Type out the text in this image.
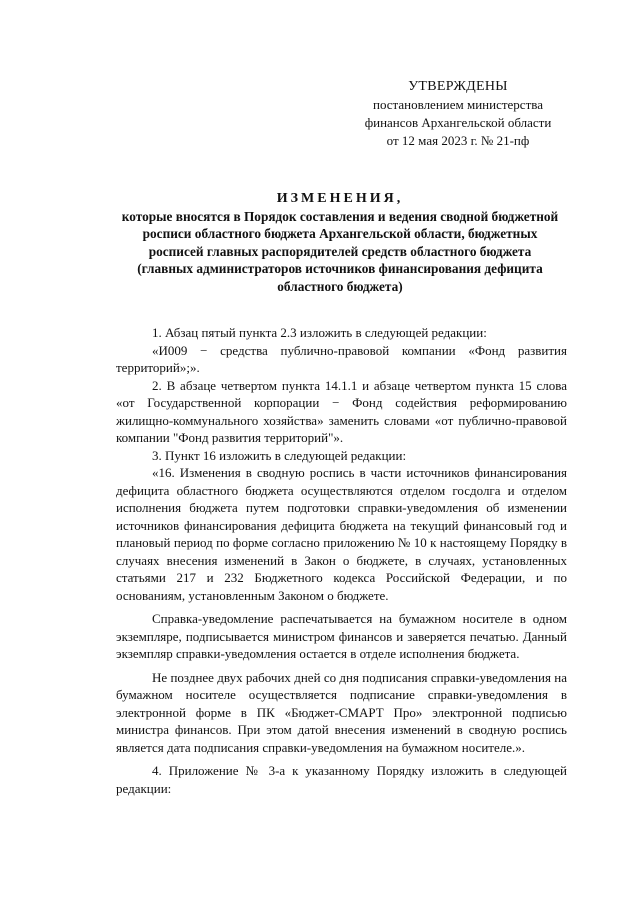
УТВЕРЖДЕНЫ
постановлением министерства
финансов Архангельской области
от 12 мая 2023 г. № 21-пф
ИЗМЕНЕНИЯ,
которые вносятся в Порядок составления и ведения сводной бюджетной
росписи областного бюджета Архангельской области, бюджетных
росписей главных распорядителей средств областного бюджета
(главных администраторов источников финансирования дефицита
областного бюджета)

1. Абзац пятый пункта 2.3 изложить в следующей редакции:

«И009 − средства публично-правовой компании «Фонд развития территорий»;».

2. В абзаце четвертом пункта 14.1.1 и абзаце четвертом пункта 15 слова «от Государственной корпорации − Фонд содействия реформированию жилищно-коммунального хозяйства» заменить словами «от публично-правовой компании "Фонд развития территорий"».

3. Пункт 16 изложить в следующей редакции:

«16. Изменения в сводную роспись в части источников финансирования дефицита областного бюджета осуществляются отделом госдолга и отделом исполнения бюджета путем подготовки справки-уведомления об изменении источников финансирования дефицита бюджета на текущий финансовый год и плановый период по форме согласно приложению № 10 к настоящему Порядку в случаях внесения изменений в Закон о бюджете, в случаях, установленных статьями 217 и 232 Бюджетного кодекса Российской Федерации, и по основаниям, установленным Законом о бюджете.

Справка-уведомление распечатывается на бумажном носителе в одном экземпляре, подписывается министром финансов и заверяется печатью. Данный экземпляр справки-уведомления остается в отделе исполнения бюджета.

Не позднее двух рабочих дней со дня подписания справки-уведомления на бумажном носителе осуществляется подписание справки-уведомления в электронной форме в ПК «Бюджет-СМАРТ Про» электронной подписью министра финансов. При этом датой внесения изменений в сводную роспись является дата подписания справки-уведомления на бумажном носителе.».

4. Приложение № 3-а к указанному Порядку изложить в следующей редакции:
